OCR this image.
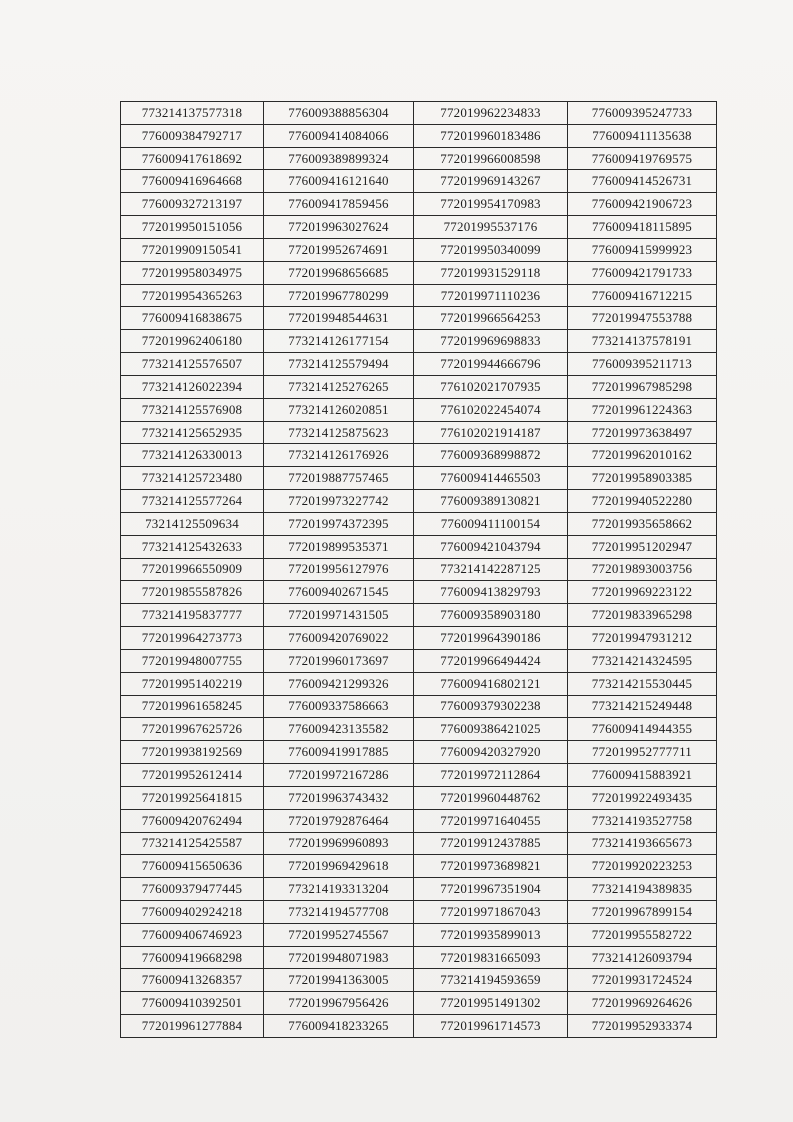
773214137577318	776009388856304	772019962234833	776009395247733
776009384792717	776009414084066	772019960183486	776009411135638
776009417618692	776009389899324	772019966008598	776009419769575
776009416964668	776009416121640	772019969143267	776009414526731
776009327213197	776009417859456	772019954170983	776009421906723
772019950151056	772019963027624	77201995537176	776009418115895
772019909150541	772019952674691	772019950340099	776009415999923
772019958034975	772019968656685	772019931529118	776009421791733
772019954365263	772019967780299	772019971110236	776009416712215
776009416838675	772019948544631	772019966564253	772019947553788
772019962406180	773214126177154	772019969698833	773214137578191
773214125576507	773214125579494	772019944666796	776009395211713
773214126022394	773214125276265	776102021707935	772019967985298
773214125576908	773214126020851	776102022454074	772019961224363
773214125652935	773214125875623	776102021914187	772019973638497
773214126330013	773214126176926	776009368998872	772019962010162
773214125723480	772019887757465	776009414465503	772019958903385
773214125577264	772019973227742	776009389130821	772019940522280
73214125509634	772019974372395	776009411100154	772019935658662
773214125432633	772019899535371	776009421043794	772019951202947
772019966550909	772019956127976	773214142287125	772019893003756
772019855587826	776009402671545	776009413829793	772019969223122
773214195837777	772019971431505	776009358903180	772019833965298
772019964273773	776009420769022	772019964390186	772019947931212
772019948007755	772019960173697	772019966494424	773214214324595
772019951402219	776009421299326	776009416802121	773214215530445
772019961658245	776009337586663	776009379302238	773214215249448
772019967625726	776009423135582	776009386421025	776009414944355
772019938192569	776009419917885	776009420327920	772019952777711
772019952612414	772019972167286	772019972112864	776009415883921
772019925641815	772019963743432	772019960448762	772019922493435
776009420762494	772019792876464	772019971640455	773214193527758
773214125425587	772019969960893	772019912437885	773214193665673
776009415650636	772019969429618	772019973689821	772019920223253
776009379477445	773214193313204	772019967351904	773214194389835
776009402924218	773214194577708	772019971867043	772019967899154
776009406746923	772019952745567	772019935899013	772019955582722
776009419668298	772019948071983	772019831665093	773214126093794
776009413268357	772019941363005	773214194593659	772019931724524
776009410392501	772019967956426	772019951491302	772019969264626
772019961277884	776009418233265	772019961714573	772019952933374
